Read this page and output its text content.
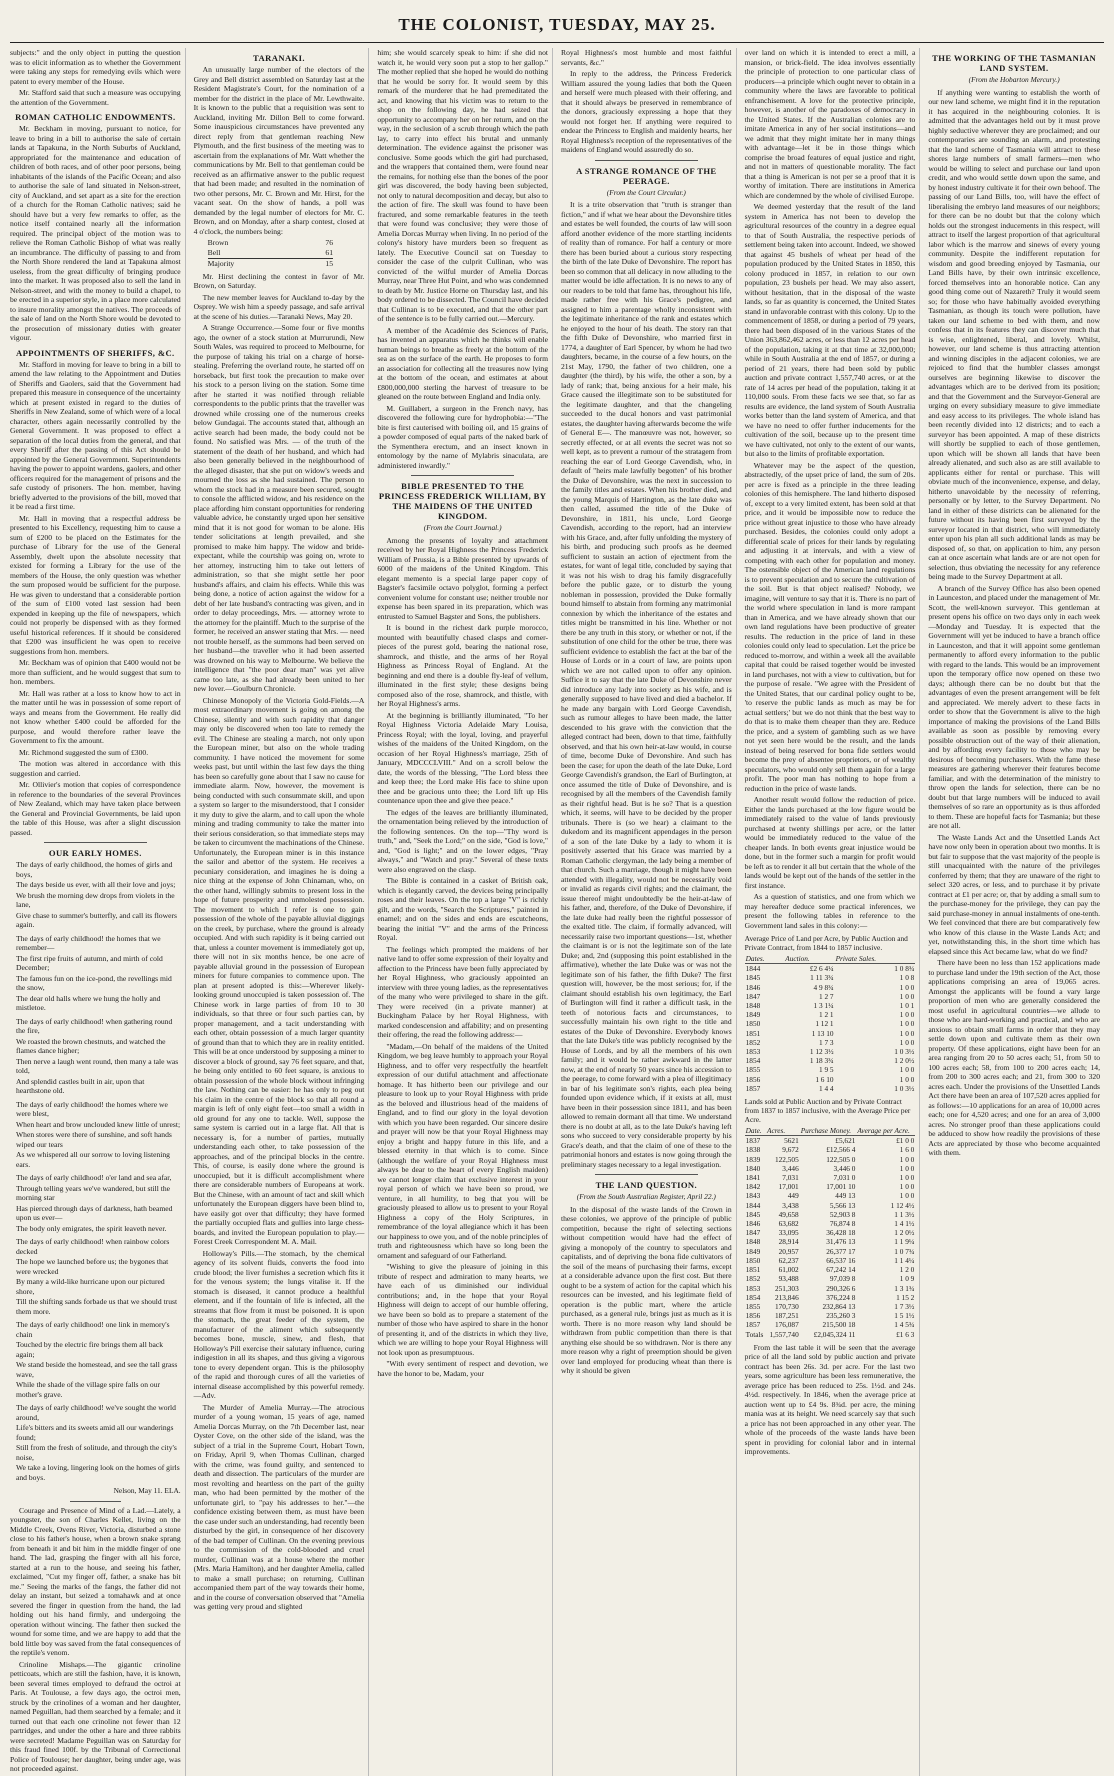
THE COLONIST, TUESDAY, MAY 25.

subjects:" and the only object in putting the question was to elicit information as to whether the Government were taking any steps for remedying evils which were patent to every member of the House.

Mr. Stafford said that such a measure was occupying the attention of the Government.

ROMAN CATHOLIC ENDOWMENTS.

Mr. Beckham in moving, pursuant to notice, for leave to bring in a bill to authorise the sale of certain lands at Tapakuna, in the North Suburbs of Auckland, appropriated for the maintenance and education of children of both races, and of other poor persons, being inhabitants of the islands of the Pacific Ocean; and also to authorise the sale of land situated in Nelson-street, city of Auckland, and set apart as a site for the erection of a church for the Roman Catholic natives; said he should have but a very few remarks to offer, as the notice itself contained nearly all the information required. The principal object of the motion was to relieve the Roman Catholic Bishop of what was really an incumbrance. The difficulty of passing to and from the North Shore rendered the land at Tapakuna almost useless, from the great difficulty of bringing produce into the market. It was proposed also to sell the land in Nelson-street, and with the money to build a chapel, to be erected in a superior style, in a place more calculated to insure morality amongst the natives. The proceeds of the sale of land on the North Shore would be devoted to the prosecution of missionary duties with greater vigour.

APPOINTMENTS OF SHERIFFS, &C.

Mr. Stafford in moving for leave to bring in a bill to amend the law relating to the Appointment and Duties of Sheriffs and Gaolers, said that the Government had prepared this measure in consequence of the uncertainty which at present existed in regard to the duties of Sheriffs in New Zealand, some of which were of a local character, others again necessarily controlled by the General Government. It was proposed to effect a separation of the local duties from the general, and that every Sheriff after the passing of this Act should be appointed by the General Government. Superintendents having the power to appoint wardens, gaolers, and other officers required for the management of prisons and the safe custody of prisoners. The hon. member, having briefly adverted to the provisions of the bill, moved that it be read a first time.

Mr. Hall in moving that a respectful address be presented to his Excellency, requesting him to cause a sum of £200 to be placed on the Estimates for the purchase of Library for the use of the General Assembly, dwelt upon the absolute necessity that existed for forming a Library for the use of the members of the House, the only question was whether the sum proposed would be sufficient for the purpose. He was given to understand that a considerable portion of the sum of £100 voted last session had been expended in keeping up the file of newspapers, which could not properly be dispensed with as they formed useful historical references. If it should be considered that £200 was insufficient he was open to receive suggestions from hon. members.

Mr. Beckham was of opinion that £400 would not be more than sufficient, and he would suggest that sum to hon. members.

Mr. Hall was rather at a loss to know how to act in the matter until he was in possession of some report of ways and means from the Government. He really did not know whether £400 could be afforded for the purpose, and would therefore rather leave the Government to fix the amount.

Mr. Richmond suggested the sum of £300.

The motion was altered in accordance with this suggestion and carried.

Mr. Ollivier's motion that copies of correspondence in reference to the boundaries of the several Provinces of New Zealand, which may have taken place between the General and Provincial Governments, be laid upon the table of this House, was after a slight discussion passed.

OUR EARLY HOMES.

The days of early childhood, the homes of girls and boys,

The days beside us ever, with all their love and joys;

We brush the morning dew drops from violets in the lane,

Give chase to summer's butterfly, and call its flowers again.

The days of early childhood! the homes that we remember—

The first ripe fruits of autumn, and mirth of cold December;

The famous fun on the ice-pond, the revellings mid the snow,

The dear old halls where we hung the holly and mistletoe.

The days of early childhood! when gathering round the fire,

We roasted the brown chestnuts, and watched the flames dance higher;

Then nerve a laugh went round, then many a tale was told,

And splendid castles built in air, upon that hearthstone old.

The days of early childhood! the homes where we were blest,

When heart and brow unclouded knew little of unrest;

When stores were there of sunshine, and soft hands wiped our tears

As we whispered all our sorrow to loving listening ears.

The days of early childhood! o'er land and sea afar,

Through telling years we've wandered, but still the morning star

Has pierced through days of darkness, hath beamed upon us ever—

The body only emigrates, the spirit leaveth never.

The days of early childhood! when rainbow colors decked

The hope we launched before us; the bygones that were wrecked

By many a wild-like hurricane upon our pictured shore,

Till the shifting sands forbade us that we should trust them more.

The days of early childhood! one link in memory's chain

Touched by the electric fire brings them all back again;

We stand beside the homestead, and see the tall grass wave,

While the shade of the village spire falls on our mother's grave.

The days of early childhood! we've sought the world around,

Life's bitters and its sweets amid all our wanderings found;

Still from the fresh of solitude, and through the city's noise,

We take a loving, lingering look on the homes of girls and boys.

Nelson, May 11. ELA.

Courage and Presence of Mind of a Lad.—Lately, a youngster, the son of Charles Kellet, living on the Middle Creek, Ovens River, Victoria, disturbed a stone close to his father's house, when a brown snake sprang from beneath it and bit him in the middle finger of one hand. The lad, grasping the finger with all his force, started at a run to the house, and seeing his father, exclaimed, "Cut my finger off, father, a snake has bit me." Seeing the marks of the fangs, the father did not delay an instant, but seized a tomahawk and at once severed the finger in question from the hand, the lad holding out his hand firmly, and undergoing the operation without wincing. The father then sucked the wound for some time, and we are happy to add that the bold little boy was saved from the fatal consequences of the reptile's venom.

Crinoline Mishaps.—The gigantic crinoline petticoats, which are still the fashion, have, it is known, been several times employed to defraud the octroi at Paris. At Toulouse, a few days ago, the octroi men, struck by the crinolines of a woman and her daughter, named Peguillan, had them searched by a female; and it turned out that each one crinoline not fewer than 12 partridges, and under the other a hare and three rabbits were secreted! Madame Peguillan was on Saturday for this fraud fined 100f. by the Tribunal of Correctional Police of Toulouse; her daughter, being under age, was not proceeded against.

TARANAKI.

An unusually large number of the electors of the Grey and Bell district assembled on Saturday last at the Resident Magistrate's Court, for the nomination of a member for the district in the place of Mr. Lewthwaite. It is known to the public that a requisition was sent to Auckland, inviting Mr. Dillon Bell to come forward. Some inauspicious circumstances have prevented any direct reply from that gentleman reaching New Plymouth, and the first business of the meeting was to ascertain from the explanations of Mr. Watt whether the communications by Mr. Bell to that gentleman could be received as an affirmative answer to the public request that had been made; and resulted in the nomination of two other persons, Mr. C. Brown and Mr. Hirst, for the vacant seat. On the show of hands, a poll was demanded by the legal number of electors for Mr. C. Brown, and on Monday, after a sharp contest, closed at 4 o'clock, the numbers being:

Brown	76
Bell	61
Majority	15

Mr. Hirst declining the contest in favor of Mr. Brown, on Saturday.

The new member leaves for Auckland to-day by the Osprey. We wish him a speedy passage, and safe arrival at the scene of his duties.—Taranaki News, May 20.

A Strange Occurrence.—Some four or five months ago, the owner of a stock station at Murrurundi, New South Wales, was required to proceed to Melbourne, for the purpose of taking his trial on a charge of horse-stealing. Preferring the overland route, he started off on horseback, but first took the precaution to make over his stock to a person living on the station. Some time after he started it was notified through reliable correspondents to the public prints that the traveller was drowned while crossing one of the numerous creeks below Gundagai. The accounts stated that, although an active search had been made, the body could not be found. No satisfied was Mrs. — of the truth of the statement of the death of her husband, and which had also been generally believed in the neighbourhood of the alleged disaster, that she put on widow's weeds and mourned the loss as she had sustained. The person to whom the stock had in a measure been secured, sought to console the afflicted widow, and his residence on the place affording him constant opportunities for rendering valuable advice, he constantly urged upon her sensitive mind that it is not good for woman to be alone. His tender solicitations at length prevailed, and she promised to make him happy. The widow and bride-expectant, while the courtship was going on, wrote to her attorney, instructing him to take out letters of administration, so that she might settle her poor husband's affairs, and claim his effects. While this was being done, a notice of action against the widow for a debt of her late husband's contracting was given, and in order to delay proceedings, Mrs. — attorney wrote to the attorney for the plaintiff. Much to the surprise of the former, he received an answer stating that Mrs. — need not trouble herself, as the summons had been served on her husband—the traveller who it had been asserted was drowned on his way to Melbourne. We believe the intelligence that "the poor dear man" was yet alive came too late, as she had already been united to her new lover.—Goulburn Chronicle.

Chinese Monopoly of the Victoria Gold-Fields.—A most extraordinary movement is going on among the Chinese, silently and with such rapidity that danger may only be discovered when too late to remedy the evil. The Chinese are stealing a march, not only upon the European miner, but also on the whole trading community. I have noticed the movement for some weeks past, but until within the last few days the thing has been so carefully gone about that I saw no cause for immediate alarm. Now, however, the movement is being conducted with such consummate skill, and upon a system so larger to the misunderstood, that I consider it my duty to give the alarm, and to call upon the whole mining and trading community to take the matter into their serious consideration, so that immediate steps may be taken to circumvent the machinations of the Chinese. Unfortunately, the European miner is in this instance the sailor and abettor of the system. He receives a pecuniary consideration, and imagines he is doing a nice thing at the expense of John Chinaman, who, on the other hand, willingly submits to present loss in the hope of future prosperity and unmolested possession. The movement to which I refer is one to gain possession of the whole of the payable alluvial diggings on the creek, by purchase, where the ground is already occupied. And with such rapidity is it being carried out that, unless a counter movement is immediately got up, there will not in six months hence, be one acre of payable alluvial ground in the possession of European miners for future companies to commence upon. The plan at present adopted is this:—Wherever likely-looking ground unoccupied is taken possession of. The Chinese work in large parties of from 10 to 30 individuals, so that three or four such parties can, by proper management, and a tacit understanding with each other, obtain possession of a much larger quantity of ground than that to which they are in reality entitled. This will be at once understood by supposing a miner to discover a block of ground, say 76 feet square, and that, he being only entitled to 60 feet square, is anxious to obtain possession of the whole block without infringing the law. Nothing can be easier: he has only to peg out his claim in the centre of the block so that all round a margin is left of only eight feet—too small a width in old ground for any one to tackle. Well, suppose the same system is carried out in a large flat. All that is necessary is, for a number of parties, mutually understanding each other, to take possession of the approaches, and of the principal blocks in the centre. This, of course, is easily done where the ground is unoccupied, but it is difficult accomplishment where there are considerable numbers of Europeans at work. But the Chinese, with an amount of tact and skill which unfortunately the European diggers have been blind to, have easily got over that difficulty; they have formed the partially occupied flats and gullies into large chess-boards, and invited the European population to play.—Forest Creek Correspondent M. A. Mail.

Holloway's Pills.—The stomach, by the chemical agency of its solvent fluids, converts the food into crude blood; the liver furnishes a secretion which fits it for the venous system; the lungs vitalise it. If the stomach is diseased, it cannot produce a healthful element, and if the fountain of life is infected, all the streams that flow from it must be poisoned. It is upon the stomach, the great feeder of the system, the manufacturer of the aliment which subsequently becomes bone, muscle, sinew, and flesh, that Holloway's Pill exercise their salutary influence, curing indigestion in all its shapes, and thus giving a vigorous tone to every dependent organ. This is the philosophy of the rapid and thorough cures of all the varieties of internal disease accomplished by this powerful remedy.—Adv.

The Murder of Amelia Murray.—The atrocious murder of a young woman, 15 years of age, named Amelia Dorcas Murray, on the 7th December last, near Oyster Cove, on the other side of the island, was the subject of a trial in the Supreme Court, Hobart Town, on Friday, April 9, when Thomas Cullinan, charged with the crime, was found guilty, and sentenced to death and dissection. The particulars of the murder are most revolting and heartless on the part of the guilty man, who had been permitted by the mother of the unfortunate girl, to "pay his addresses to her."—the confidence existing between them, as must have been the case under such an understanding, had recently been disturbed by the girl, in consequence of her discovery of the bad temper of Cullinan. On the evening previous to the commission of the cold-blooded and cruel murder, Cullinan was at a house where the mother (Mrs. Maria Hamilton), and her daughter Amelia, called to make a small purchase; on returning, Cullinan accompanied them part of the way towards their home, and in the course of conversation observed that "Amelia was getting very proud and slighted

him; she would scarcely speak to him: if she did not watch it, he would very soon put a stop to her gallop." The mother replied that she hoped he would do nothing that he would be sorry for. It would seem by this remark of the murderer that he had premeditated the act, and knowing that his victim was to return to the shop on the following day, he had seized that opportunity to accompany her on her return, and on the way, in the seclusion of a scrub through which the path lay, to carry into effect his brutal and unmanly determination. The evidence against the prisoner was conclusive. Some goods which the girl had purchased, and the wrappers that contained them, were found near the remains, for nothing else than the bones of the poor girl was discovered, the body having been subjected, not only to natural decomposition and decay, but also to the action of fire. The skull was found to have been fractured, and some remarkable features in the teeth that were found was conclusive; they were those of Amelia Dorcas Murray when living. In no period of the colony's history have murders been so frequent as lately. The Executive Council sat on Tuesday to consider the case of the culprit Cullinan, who was convicted of the wilful murder of Amelia Dorcas Murray, near Three Hut Point, and who was condemned to death by Mr. Justice Horne on Thursday last, and his body ordered to be dissected. The Council have decided that Cullinan is to be executed, and that the other part of the sentence is to be fully carried out.—Mercury.

A member of the Académie des Sciences of Paris, has invented an apparatus which he thinks will enable human beings to breathe as freely at the bottom of the sea as on the surface of the earth. He proposes to form an association for collecting all the treasures now lying at the bottom of the ocean, and estimates at about £800,000,000 sterling the harvest of treasure to be gleaned on the route between England and India only.

M. Guillabert, a surgeon in the French navy, has discovered the following cure for hydrophobia:—"The bite is first cauterised with boiling oil, and 15 grains of a powder composed of equal parts of the naked bark of the Symenthera erectum, and an insect known in entomology by the name of Mylabris sinaculata, are administered inwardly."

BIBLE PRESENTED TO THE PRINCESS FREDERICK WILLIAM, BY THE MAIDENS OF THE UNITED KINGDOM.
(From the Court Journal.)

Among the presents of loyalty and attachment received by her Royal Highness the Princess Frederick William of Prussia, is a Bible presented by upwards of 6000 of the maidens of the United Kingdom. This elegant memento is a special large paper copy of Bagster's facsimile octavo polyglot, forming a perfect convenient volume for constant use; neither trouble nor expense has been spared in its preparation, which was entrusted to Samuel Bagster and Sons, the publishers.

It is bound in the richest dark purple morocco, mounted with beautifully chased clasps and corner-pieces of the purest gold, bearing the national rose, shamrock, and thistle, and the arms of her Royal Highness as Princess Royal of England. At the beginning and end there is a double fly-leaf of vellum, illuminated in the first style; these designs being composed also of the rose, shamrock, and thistle, with her Royal Highness's arms.

At the beginning is brilliantly illuminated, "To her Royal Highness Victoria Adelaide Mary Louisa, Princess Royal; with the loyal, loving, and prayerful wishes of the maidens of the United Kingdom, on the occasion of her Royal Highness's marriage, 25th of January, MDCCCLVIII." And on a scroll below the date, the words of the blessing, "The Lord bless thee and keep thee; the Lord make His face to shine upon thee and be gracious unto thee; the Lord lift up His countenance upon thee and give thee peace."

The edges of the leaves are brilliantly illuminated, the ornamentation being relieved by the introduction of the following sentences. On the top—"Thy word is truth," and, "Seek the Lord;" on the side, "God is love," and, "God is light;" and on the lower edges, "Pray always," and "Watch and pray." Several of these texts were also engraved on the clasp.

The Bible is contained in a casket of British oak, which is elegantly carved, the devices being principally roses and their leaves. On the top a large "V" is richly gilt, and the words, "Search the Scriptures," painted in enamel; and on the sides and ends are escutcheons, bearing the initial "V" and the arms of the Princess Royal.

The feelings which prompted the maidens of her native land to offer some expression of their loyalty and affection to the Princess have been fully appreciated by her Royal Highness, who graciously appointed an interview with three young ladies, as the representatives of the many who were privileged to share in the gift. They were received (in a private manner) at Buckingham Palace by her Royal Highness, with marked condescension and affability; and on presenting their offering, the read the following address:—

"Madam,—On behalf of the maidens of the United Kingdom, we beg leave humbly to approach your Royal Highness, and to offer very respectfully the heartfelt expression of our dutiful attachment and affectionate homage. It has hitherto been our privilege and our pleasure to look up to your Royal Highness with pride as the beloved and illustrious head of the maidens of England, and to find our glory in the loyal devotion with which you have been regarded. Our sincere desire and prayer will now be that your Royal Highness may enjoy a bright and happy future in this life, and a blessed eternity in that which is to come. Since (although the welfare of your Royal Highness must always be dear to the heart of every English maiden) we cannot longer claim that exclusive interest in your royal person of which we have been so proud, we venture, in all humility, to beg that you will be graciously pleased to allow us to present to your Royal Highness a copy of the Holy Scriptures, in remembrance of the loyal allegiance which it has been our happiness to owe you, and of the noble principles of truth and righteousness which have so long been the ornament and safeguard of our Fatherland.

"Wishing to give the pleasure of joining in this tribute of respect and admiration to many hearts, we have each of us diminished our individual contributions; and, in the hope that your Royal Highness will deign to accept of our humble offering, we have been so bold as to prepare a statement of the number of those who have aspired to share in the honor of presenting it, and of the districts in which they live, which we are willing to hope your Royal Highness will not look upon as presumptuous.

"With every sentiment of respect and devotion, we have the honor to be, Madam, your

Royal Highness's most humble and most faithful servants, &c."

In reply to the address, the Princess Frederick William assured the young ladies that both the Queen and herself were much pleased with their offering, and that it should always be preserved in remembrance of the donors, graciously expressing a hope that they would not forget her. If anything were required to endear the Princess to English and maidenly hearts, her Royal Highness's reception of the representatives of the maidens of England would assuredly do so.

A STRANGE ROMANCE OF THE PEERAGE.
(From the Court Circular.)

It is a trite observation that "truth is stranger than fiction," and if what we hear about the Devonshire titles and estates be well founded, the courts of law will soon afford another evidence of the more startling incidents of reality than of romance. For half a century or more there has been buried about a curious story respecting the birth of the late Duke of Devonshire. The report has been so common that all delicacy in now alluding to the matter would be idle affectation. It is no news to any of our readers to be told that fame has, throughout his life, made rather free with his Grace's pedigree, and assigned to him a parentage wholly inconsistent with the legitimate inheritance of the rank and estates which he enjoyed to the hour of his death. The story ran that the fifth Duke of Devonshire, who married first in 1774, a daughter of Earl Spencer, by whom he had two daughters, became, in the course of a few hours, on the 21st May, 1790, the father of two children, one a daughter (the third), by his wife, the other a son, by a lady of rank; that, being anxious for a heir male, his Grace caused the illegitimate son to be substituted for the legitimate daughter, and that the changeling succeeded to the ducal honors and vast patrimonial estates, the daughter having afterwards become the wife of General E—. The manœuvre was not, however, so secretly effected, or at all events the secret was not so well kept, as to prevent a rumour of the stratagem from reaching the ear of Lord George Cavendish, who, in default of "heirs male lawfully begotten" of his brother the Duke of Devonshire, was the next in succession to the family titles and estates. When his brother died, and the young Marquis of Hartington, as the late duke was then called, assumed the title of the Duke of Devonshire, in 1811, his uncle, Lord George Cavendish, according to the report, had an interview with his Grace, and, after fully unfolding the mystery of his birth, and producing such proofs as he deemed sufficient to sustain an action of ejectment from the estates, for want of legal title, concluded by saying that it was not his wish to drag his family disgracefully before the public gaze, or to disturb the young nobleman in possession, provided the Duke formally bound himself to abstain from forming any matrimonial connexion by which the inheritance of the estates and titles might be transmitted in his line. Whether or not there be any truth in this story, or whether or not, if the substitution of one child for the other be true, there was sufficient evidence to establish the fact at the bar of the House of Lords or in a court of law, are points upon which we are not called upon to offer any opinion. Suffice it to say that the late Duke of Devonshire never did introduce any lady into society as his wife, and is generally supposed to have lived and died a bachelor. If he made any bargain with Lord George Cavendish, such as rumour alleges to have been made, the latter descended to his grave with the conviction that the alleged contract had been, down to that time, faithfully observed, and that his own heir-at-law would, in course of time, become Duke of Devonshire. And such has been the case; for upon the death of the late Duke, Lord George Cavendish's grandson, the Earl of Burlington, at once assumed the title of Duke of Devonshire, and is recognised by all the members of the Cavendish family as their rightful head. But is he so? That is a question which, it seems, will have to be decided by the proper tribunals. There is (so we hear) a claimant to the dukedom and its magnificent appendages in the person of a son of the late Duke by a lady to whom it is positively asserted that his Grace was married by a Roman Catholic clergyman, the lady being a member of that church. Such a marriage, though it might have been attended with illegality, would not be necessarily void or invalid as regards civil rights; and the claimant, the issue thereof might undoubtedly be the heir-at-law of his father, and, therefore, of the Duke of Devonshire, if the late duke had really been the rightful possessor of the exalted title. The claim, if formally advanced, will necessarily raise two important questions—1st, whether the claimant is or is not the legitimate son of the late Duke; and, 2nd (supposing this point established in the affirmative), whether the late Duke was or was not the legitimate son of his father, the fifth Duke? The first question will, however, be the most serious; for, if the claimant should establish his own legitimacy, the Earl of Burlington will find it rather a difficult task, in the teeth of notorious facts and circumstances, to successfully maintain his own right to the title and estates of the Duke of Devonshire. Everybody knows that the late Duke's title was publicly recognised by the House of Lords, and by all the members of his own family; and it would be rather awkward in the latter now, at the end of nearly 50 years since his accession to the peerage, to come forward with a plea of illegitimacy in bar of his legitimate son's rights, each plea being founded upon evidence which, if it exists at all, must have been in their possession since 1811, and has been allowed to remain dormant all that time. We understand there is no doubt at all, as to the late Duke's having left sons who succeed to very considerable property by his Grace's death, and that the claim of one of these to the patrimonial honors and estates is now going through the preliminary stages necessary to a legal investigation.

THE LAND QUESTION.
(From the South Australian Register, April 22.)

In the disposal of the waste lands of the Crown in these colonies, we approve of the principle of public competition, because the right of selecting sections without competition would have had the effect of giving a monopoly of the country to speculators and capitalists, and of depriving the bona fide cultivators of the soil of the means of purchasing their farms, except at a considerable advance upon the first cost. But there ought to be a system of action for the capital which his resources can be invested, and his legitimate field of operation is the public mart, where the article purchased, as a general rule, brings just as much as it is worth. There is no more reason why land should be withdrawn from public competition than there is that anything else should be so withdrawn. Nor is there any more reason why a right of preemption should be given over land employed for producing wheat than there is why it should be given

over land on which it is intended to erect a mill, a mansion, or brick-field. The idea involves essentially the principle of protection to one particular class of producers—a principle which ought never to obtain in a community where the laws are favorable to political enfranchisement. A love for the protective principle, however, is another of the paradoxes of democracy in the United States. If the Australian colonies are to imitate America in any of her social institutions—and we admit that they might imitate her in many things with advantage—let it be in those things which comprise the broad features of equal justice and right, and not in matters of questionable morality. The fact that a thing is American is not per se a proof that it is worthy of imitation. There are institutions in America which are condemned by the whole of civilised Europe.

We deemed yesterday that the result of the land system in America has not been to develop the agricultural resources of the country in a degree equal to that of South Australia, the respective periods of settlement being taken into account. Indeed, we showed that against 45 bushels of wheat per head of the population produced by the United States in 1850, this colony produced in 1857, in relation to our own population, 23 bushels per head. We may also assert, without hesitation, that in the disposal of the waste lands, so far as quantity is concerned, the United States stand in unfavorable contrast with this colony. Up to the commencement of 1858, or during a period of 79 years, there had been disposed of in the various States of the Union 363,862,462 acres, or less than 12 acres per head of the population, taking it at that time at 32,000,000; while in South Australia at the end of 1857, or during a period of 21 years, there had been sold by public auction and private contract 1,557,740 acres, or at the rate of 14 acres per head of the population, taking it at 110,000 souls. From these facts we see that, so far as results are evidence, the land system of South Australia works better than the land system of America, and that we have no need to offer further inducements for the cultivation of the soil, because up to the present time we have cultivated, not only to the extent of our wants, but also to the limits of profitable exportation.

Whatever may be the aspect of the question, abstractedly, of the upset price of land, the sum of 20s. per acre is fixed as a principle in the three leading colonies of this hemisphere. The land hitherto disposed of, except to a very limited extent, has been sold at that price, and it would be impossible now to reduce the price without great injustice to those who have already purchased. Besides, the colonies could only adopt a differential scale of prices for their lands by regulating and adjusting it at intervals, and with a view of competing with each other for population and money. The ostensible object of the American land regulations is to prevent speculation and to secure the cultivation of the soil. But is that object realised? Nobody, we imagine, will venture to say that it is. There is no part of the world where speculation in land is more rampant than in America, and we have already shown that our own land regulations have been productive of greater results. The reduction in the price of land in these colonies could only lead to speculation. Let the price be reduced to-morrow, and within a week all the available capital that could be raised together would be invested in land purchases, not with a view to cultivation, but for the purpose of resale. "We agree with the President of the United States, that our cardinal policy ought to be, 'to reserve the public lands as much as may be for actual settlers;' but we do not think that the best way to do that is to make them cheaper than they are. Reduce the price, and a system of gambling such as we have not yet seen here would be the result, and the lands instead of being reserved for bona fide settlers would become the prey of absentee proprietors, or of wealthy speculators, who would only sell them again for a large profit. The poor man has nothing to hope from a reduction in the price of waste lands.

Another result would follow the reduction of price. Either the lands purchased at the low figure would be immediately raised to the value of lands previously purchased at twenty shillings per acre, or the latter would be immediately reduced to the value of the cheaper lands. In both events great injustice would be done, but in the former such a margin for profit would be left as to render it all but certain that the whole of the lands would be kept out of the hands of the settler in the first instance.

As a question of statistics, and one from which we may hereafter deduce some practical inferences, we present the following tables in reference to the Government land sales in this colony:—

Average Price of Land per Acre, by Public Auction and Private Contract, from 1844 to 1857 inclusive.
Dates.	Auction.	Private Sales.
1844	£2 6 4¼	1 0 8¾
1845	1 11 3¾	1 0 8
1846	4 9 8¾	1 0 0
1847	1 2 7	1 0 0
1848	1 3 1¼	1 0 1
1849	1 2 1	1 0 0
1850	1 12 1	1 0 0
1851	1 13 10	1 0 0
1852	1 7 3	1 0 0
1853	1 12 3½	1 0 3½
1854	1 18 3¾	1 2 0½
1855	1 9 5	1 0 0
1856	1 6 10	1 0 0
1857	1 4 4	1 0 3½
Lands sold at Public Auction and by Private Contract from 1837 to 1857 inclusive, with the Average Price per Acre.
Date.	Acres.	Purchase Money.	Average per Acre.
1837	5621	£5,621	£1 0 0
1838	9,672	£12,566 4	1 6 0
1839	122,505	122,505 0	1 0 0
1840	3,446	3,446 0	1 0 0
1841	7,031	7,031 0	1 0 0
1842	17,001	17,001 10	1 0 0
1843	449	449 13	1 0 0
1844	3,438	5,566 13	1 12 4½
1845	49,658	52,903 8	1 1 3½
1846	63,682	76,874 8	1 4 1½
1847	33,095	36,428 18	1 2 0½
1848	28,914	31,476 13	1 1 9¼
1849	20,957	26,377 17	1 0 7¾
1850	62,237	66,537 16	1 1 4¼
1851	61,002	67,242 14	1 2 0
1852	93,488	97,039 8	1 0 9
1853	251,303	290,326 6	1 3 1¾
1854	213,846	376,224 8	1 15 2
1855	170,730	232,864 13	1 7 3½
1856	187,251	235,260 3	1 5 1½
1857	176,087	215,500 18	1 4 5¾
Totals	1,557,740	£2,045,324 11	£1 6 3

From the last table it will be seen that the average price of all the land sold by public auction and private contract has been 26s. 3d. per acre. For the last two years, some agriculture has been less remunerative, the average price has been reduced to 25s. 1½d. and 24s. 4½d. respectively. In 1846, when the average price at auction went up to £4 9s. 8¾d. per acre, the mining mania was at its height. We need scarcely say that such a price has not been approached in any other year. The whole of the proceeds of the waste lands have been spent in providing for colonial labor and in internal improvements.

THE WORKING OF THE TASMANIAN LAND SYSTEM.
(From the Hobarton Mercury.)

If anything were wanting to establish the worth of our new land scheme, we might find it in the reputation it has acquired in the neighbouring colonies. It is admitted that the advantages held out by it must prove highly seductive wherever they are proclaimed; and our contemporaries are sounding an alarm, and protesting that the land scheme of Tasmania will attract to these shores large numbers of small farmers—men who would be willing to select and purchase our land upon credit, and who would settle down upon the same, and by honest industry cultivate it for their own behoof. The passing of our Land Bills, too, will have the effect of liberalising the embryo land measures of our neighbors; for there can be no doubt but that the colony which holds out the strongest inducements in this respect, will attract to itself the largest proportion of that agricultural labor which is the marrow and sinews of every young community. Despite the indifferent reputation for wisdom and good breeding enjoyed by Tasmania, our Land Bills have, by their own intrinsic excellence, forced themselves into an honorable notice. Can any good thing come out of Nazareth? Truly it would seem so; for those who have habitually avoided everything Tasmanian, as though its touch were pollution, have taken our land scheme to bed with them, and now confess that in its features they can discover much that is wise, enlightened, liberal, and lovely. Whilst, however, our land scheme is thus attracting attention and winning disciples in the adjacent colonies, we are rejoiced to find that the humbler classes amongst ourselves are beginning likewise to discover the advantages which are to be derived from its position; and that the Government and the Surveyor-General are urging on every subsidiary measure to give immediate and easy access to its privileges. The whole island has been recently divided into 12 districts; and to each a surveyor has been appointed. A map of these districts will shortly be supplied to each of those gentlemen, upon which will be shown all lands that have been already alienated, and such also as are still available to applicants either for rental or purchase. This will obviate much of the inconvenience, expense, and delay, hitherto unavoidable by the necessity of referring, personally or by letter, to the Survey Department. No land in either of these districts can be alienated for the future without its having been first surveyed by the surveyor located in that district, who will immediately enter upon his plan all such additional lands as may be disposed of, so that, on application to him, any person can at once ascertain what lands are or are not open for selection, thus obviating the necessity for any reference being made to the Survey Department at all.

A branch of the Survey Office has also been opened in Launceston, and placed under the management of Mr. Scott, the well-known surveyor. This gentleman at present opens his office on two days only in each week—Monday and Tuesday. It is expected that the Government will yet be induced to have a branch office in Launceston, and that it will appoint some gentleman permanently to afford every information to the public with regard to the lands. This would be an improvement upon the temporary office now opened on these two days; although there can be no doubt but that the advantages of even the present arrangement will be felt and appreciated. We merely advert to these facts in order to show that the Government is alive to the high importance of making the provisions of the Land Bills available as soon as possible by removing every possible obstruction out of the way of their alienation, and by affording every facility to those who may be desirous of becoming purchasers. With the fame these measures are gathering wherever their features become familiar, and with the determination of the ministry to throw open the lands for selection, there can be no doubt but that large numbers will be induced to avail themselves of so rare an opportunity as is thus afforded to them. These are hopeful facts for Tasmania; but these are not all.

The Waste Lands Act and the Unsettled Lands Act have now only been in operation about two months. It is but fair to suppose that the vast majority of the people is still unacquainted with the nature of the privileges conferred by them; that they are unaware of the right to select 320 acres, or less, and to purchase it by private contract at £1 per acre; or, that by adding a small sum to the purchase-money for the privilege, they can pay the said purchase-money in annual instalments of one-tenth. We feel convinced that there are but comparatively few who know of this clause in the Waste Lands Act; and yet, notwithstanding this, in the short time which has elapsed since this Act became law, what do we find?

There have been no less than 152 applications made to purchase land under the 19th section of the Act, those applications comprising an area of 19,065 acres. Amongst the applicants will be found a vary large proportion of men who are generally considered the most useful in agricultural countries—we allude to those who are hard-working and practical, and who are anxious to obtain small farms in order that they may settle down upon and cultivate them as their own property. Of these applications, eight have been for an area ranging from 20 to 50 acres each; 51, from 50 to 100 acres each; 58, from 100 to 200 acres each; 14, from 200 to 300 acres each; and 21, from 300 to 320 acres each. Under the provisions of the Unsettled Lands Act there have been an area of 107,520 acres applied for as follows:—10 applications for an area of 10,000 acres each; one for 4,520 acres; and one for an area of 3,000 acres. No stronger proof than these applications could be adduced to show how readily the provisions of these Acts are appreciated by those who become acquainted with them.
